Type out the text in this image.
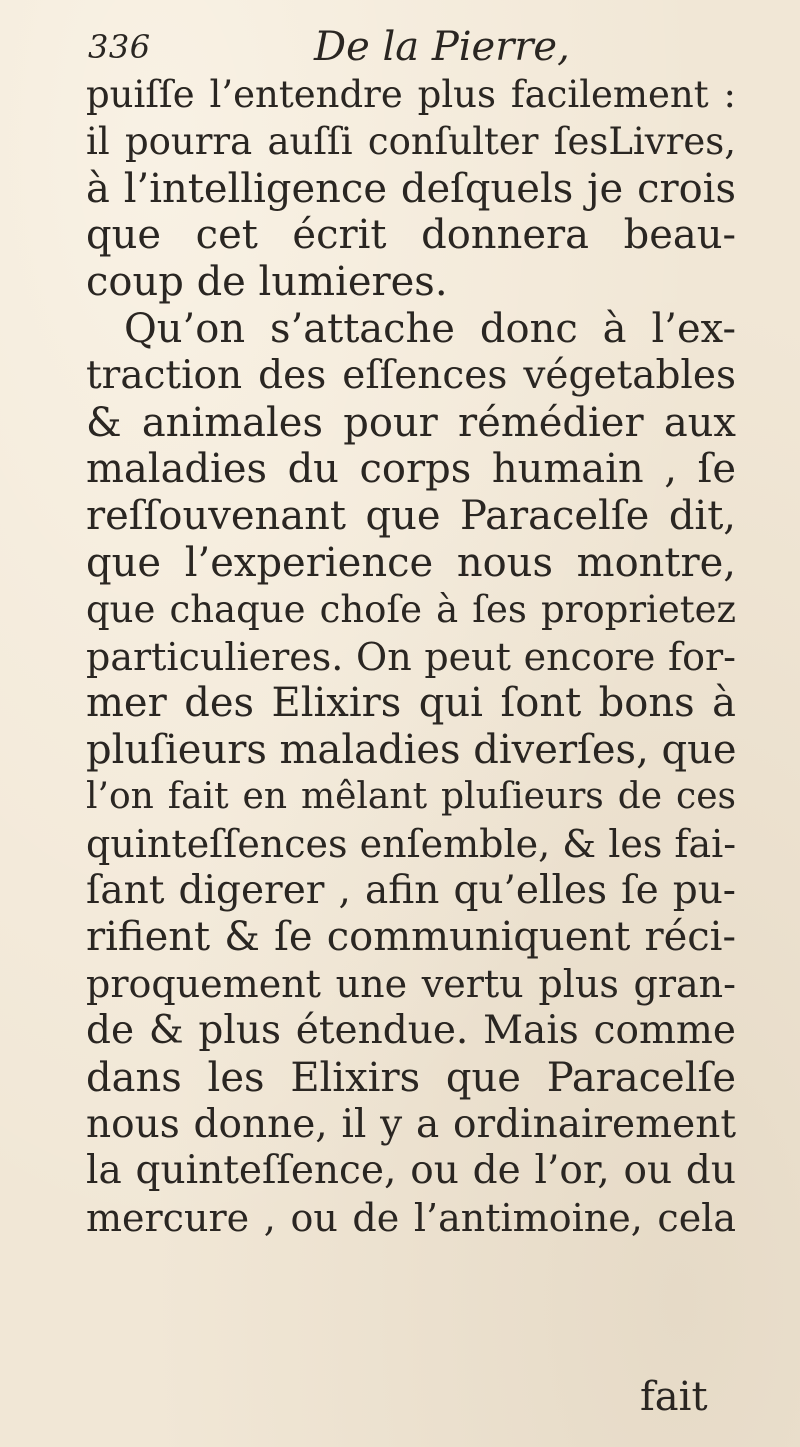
336	De la Pierre,
puiſſe l’entendre plus facilement :
il pourra auſſi conſulter ſesLivres,
à l’intelligence deſquels je crois
que cet écrit donnera beau-
coup de lumieres.
Qu’on s’attache donc à l’ex-
traction des eſſences végetables
& animales pour rémédier aux
maladies du corps humain , ſe
reſſouvenant que Paracelſe dit,
que l’experience nous montre,
que chaque choſe à ſes proprietez
particulieres. On peut encore for-
mer des Elixirs qui ſont bons à
pluſieurs maladies diverſes, que
l’on fait en mêlant pluſieurs de ces
quinteſſences enſemble, & les fai-
ſant digerer , afin qu’elles ſe pu-
rifient & ſe communiquent réci-
proquement une vertu plus gran-
de & plus étendue. Mais comme
dans les Elixirs que Paracelſe
nous donne, il y a ordinairement
la quinteſſence, ou de l’or, ou du
mercure , ou de l’antimoine, cela
fait
